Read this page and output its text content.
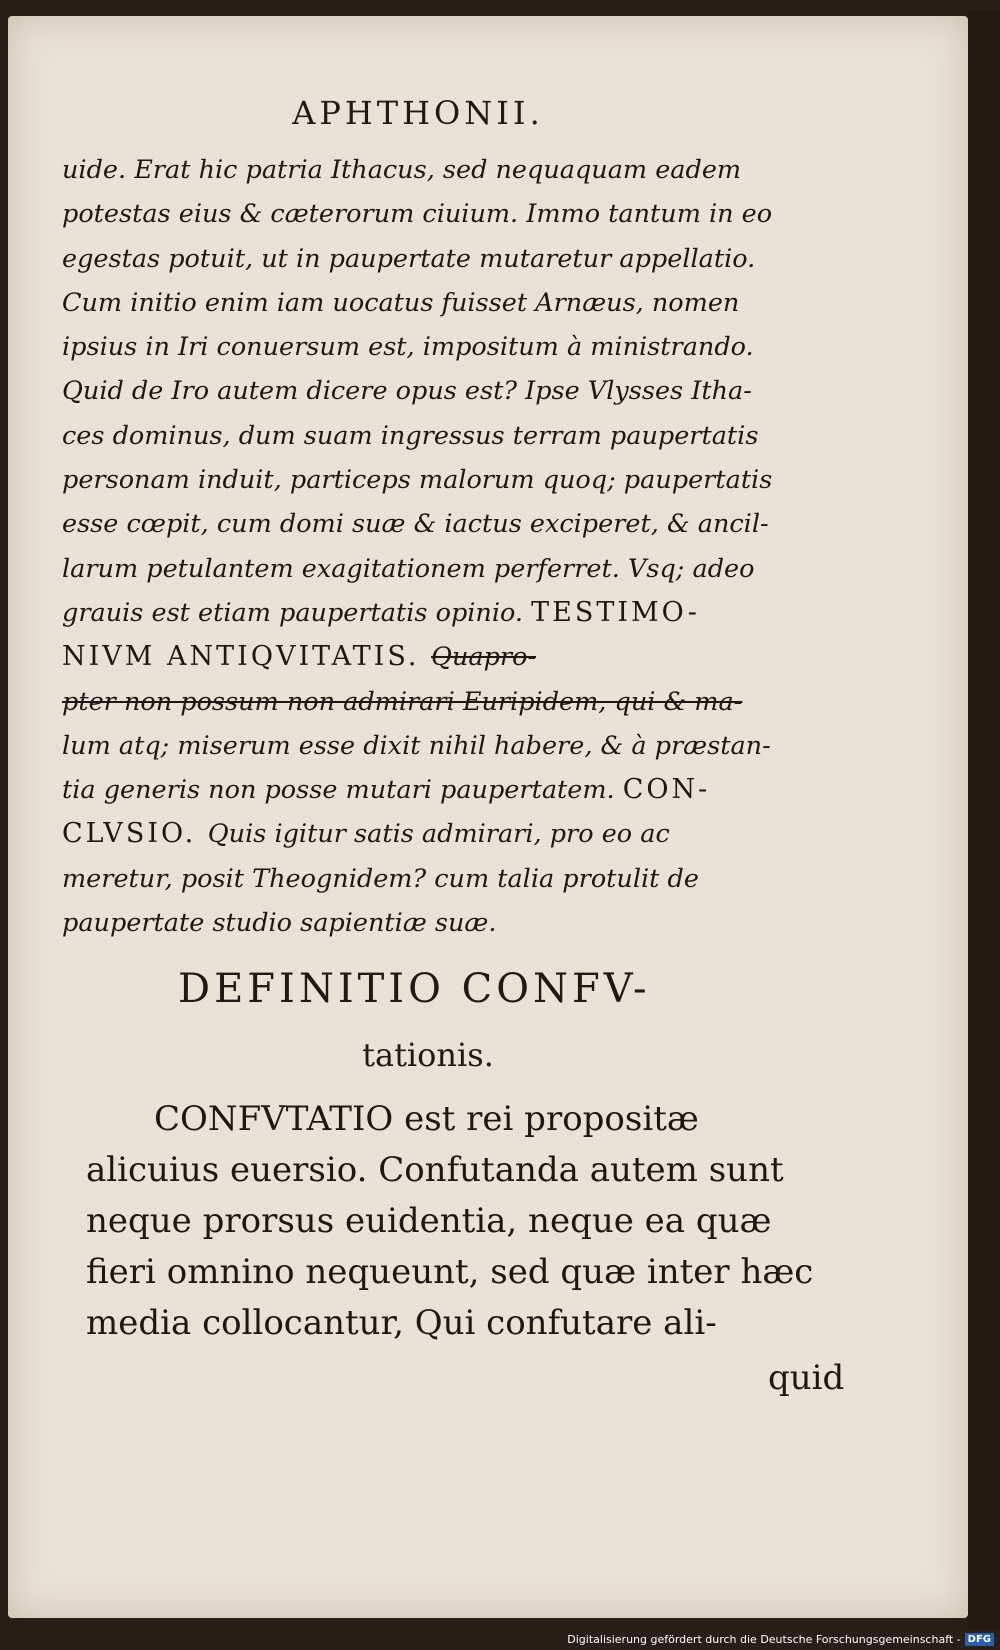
APHTHONII.
uide. Erat hic patria Ithacus, sed nequaquam eadem
potestas eius & cæterorum ciuium. Immo tantum in eo
egestas potuit, ut in paupertate mutaretur appellatio.
Cum initio enim iam uocatus fuisset Arnæus, nomen
ipsius in Iri conuersum est, impositum à ministrando.
Quid de Iro autem dicere opus est? Ipse Vlysses Itha-
ces dominus, dum suam ingressus terram paupertatis
personam induit, particeps malorum quoq; paupertatis
esse cœpit, cum domi suæ & iactus exciperet, & ancil-
larum petulantem exagitationem perferret. Vsq; adeo
grauis est etiam paupertatis opinio. TESTIMO-
NIVM ANTIQVITATIS. Quapro-
pter non possum non admirari Euripidem, qui & ma-
lum atq; miserum esse dixit nihil habere, & à præstan-
tia generis non posse mutari paupertatem. CON-
CLVSIO. Quis igitur satis admirari, pro eo ac
meretur, posit Theognidem? cum talia protulit de
paupertate studio sapientiæ suæ.
DEFINITIO CONFV-
tationis.
CONFVTATIO est rei propositæ
alicuius euersio. Confutanda autem sunt
neque prorsus euidentia, neque ea quæ
fieri omnino nequeunt, sed quæ inter hæc
media collocantur, Qui confutare ali-
quid
Digitalisierung gefördert durch die Deutsche Forschungsgemeinschaft - DFG
